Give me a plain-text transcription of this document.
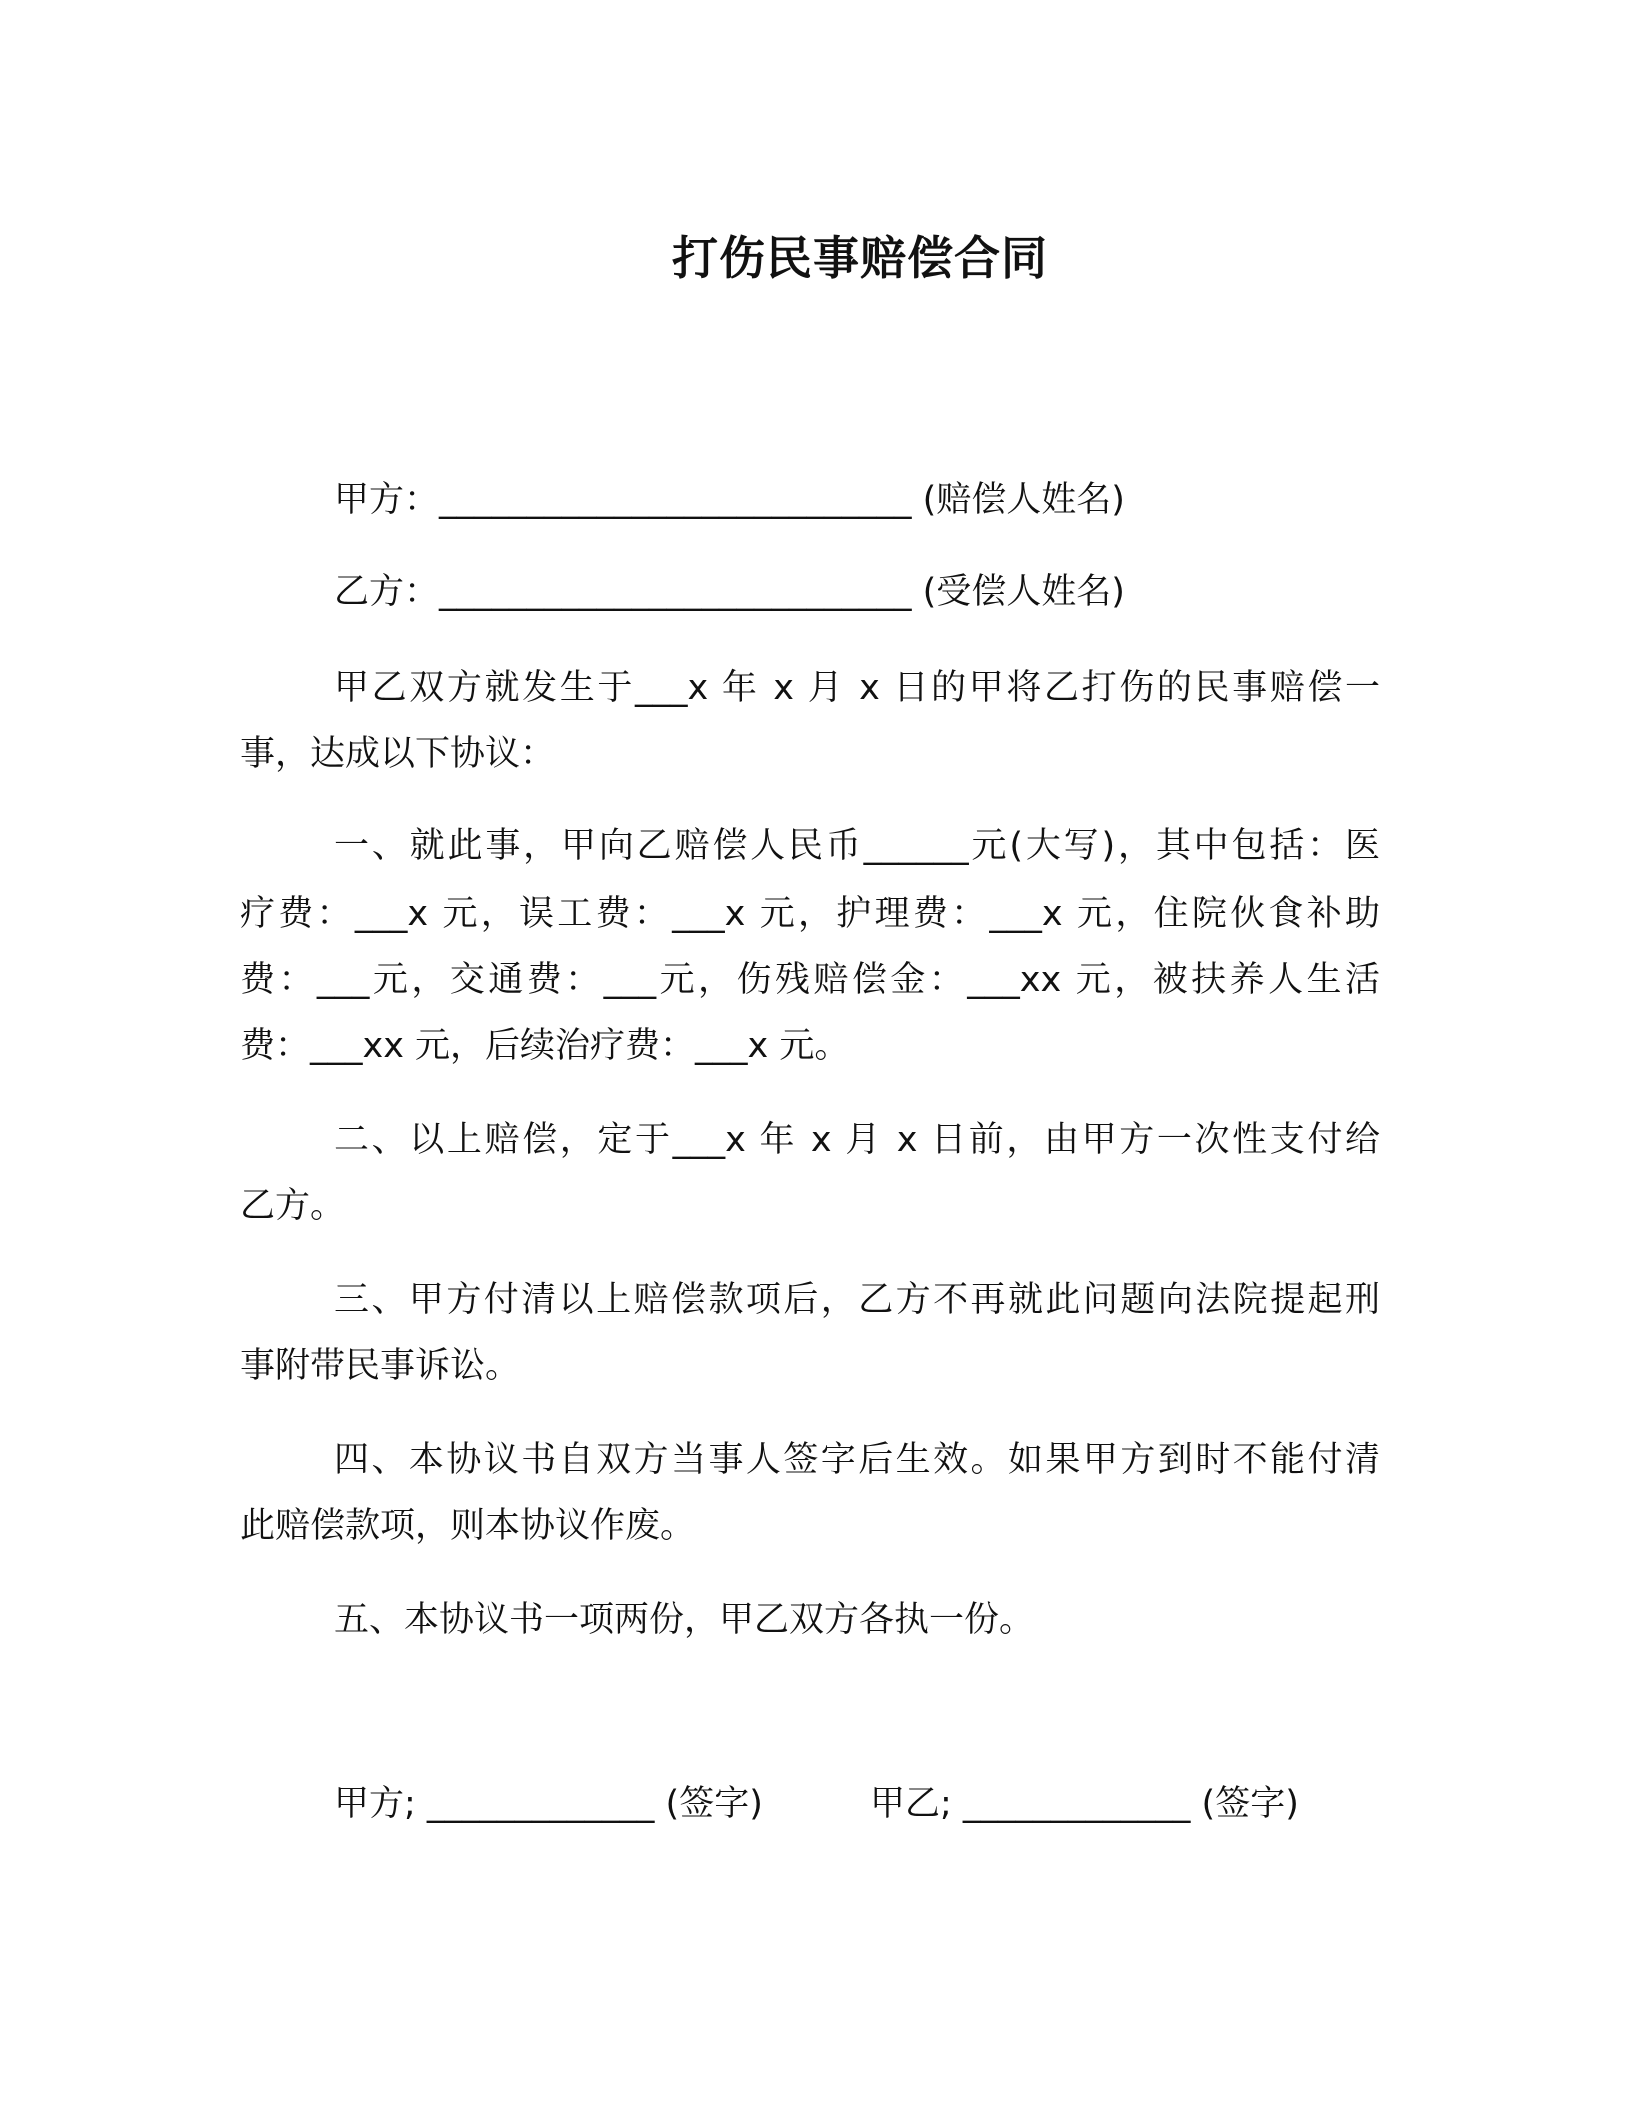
打伤民事赔偿合同
甲方：___________________________ (赔偿人姓名)
乙方：___________________________ (受偿人姓名)
甲乙双方就发生于___x 年 x 月 x 日的甲将乙打伤的民事赔偿一
事，达成以下协议：
一、就此事，甲向乙赔偿人民币______元(大写)，其中包括：医
疗费：___x 元，误工费：___x 元，护理费：___x 元，住院伙食补助
费：___元，交通费：___元，伤残赔偿金：___xx 元，被扶养人生活
费：___xx 元，后续治疗费：___x 元。
二、以上赔偿，定于___x 年 x 月 x 日前，由甲方一次性支付给
乙方。
三、甲方付清以上赔偿款项后，乙方不再就此问题向法院提起刑
事附带民事诉讼。
四、本协议书自双方当事人签字后生效。如果甲方到时不能付清
此赔偿款项，则本协议作废。
五、本协议书一项两份，甲乙双方各执一份。
甲方; _____________ (签字)	甲乙; _____________ (签字)
